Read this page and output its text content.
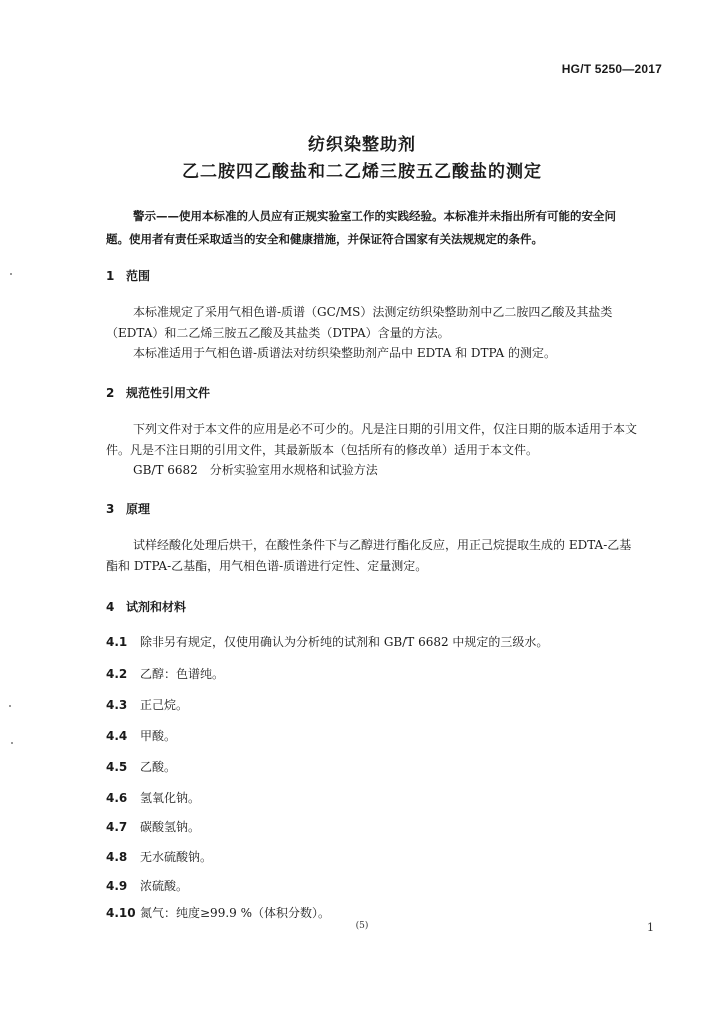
HG/T 5250—2017
纺织染整助剂
乙二胺四乙酸盐和二乙烯三胺五乙酸盐的测定
警示——使用本标准的人员应有正规实验室工作的实践经验。本标准并未指出所有可能的安全问
题。使用者有责任采取适当的安全和健康措施，并保证符合国家有关法规规定的条件。
1 范围
本标准规定了采用气相色谱-质谱（GC/MS）法测定纺织染整助剂中乙二胺四乙酸及其盐类
（EDTA）和二乙烯三胺五乙酸及其盐类（DTPA）含量的方法。
本标准适用于气相色谱-质谱法对纺织染整助剂产品中 EDTA 和 DTPA 的测定。
2 规范性引用文件
下列文件对于本文件的应用是必不可少的。凡是注日期的引用文件，仅注日期的版本适用于本文
件。凡是不注日期的引用文件，其最新版本（包括所有的修改单）适用于本文件。
GB/T 6682　分析实验室用水规格和试验方法
3 原理
试样经酸化处理后烘干，在酸性条件下与乙醇进行酯化反应，用正己烷提取生成的 EDTA-乙基
酯和 DTPA-乙基酯，用气相色谱-质谱进行定性、定量测定。
4 试剂和材料
4.1 除非另有规定，仅使用确认为分析纯的试剂和 GB/T 6682 中规定的三级水。
4.2 乙醇：色谱纯。
4.3 正己烷。
4.4 甲酸。
4.5 乙酸。
4.6 氢氧化钠。
4.7 碳酸氢钠。
4.8 无水硫酸钠。
4.9 浓硫酸。
4.10 氮气：纯度≥99.9 %（体积分数）。
(5)	1
